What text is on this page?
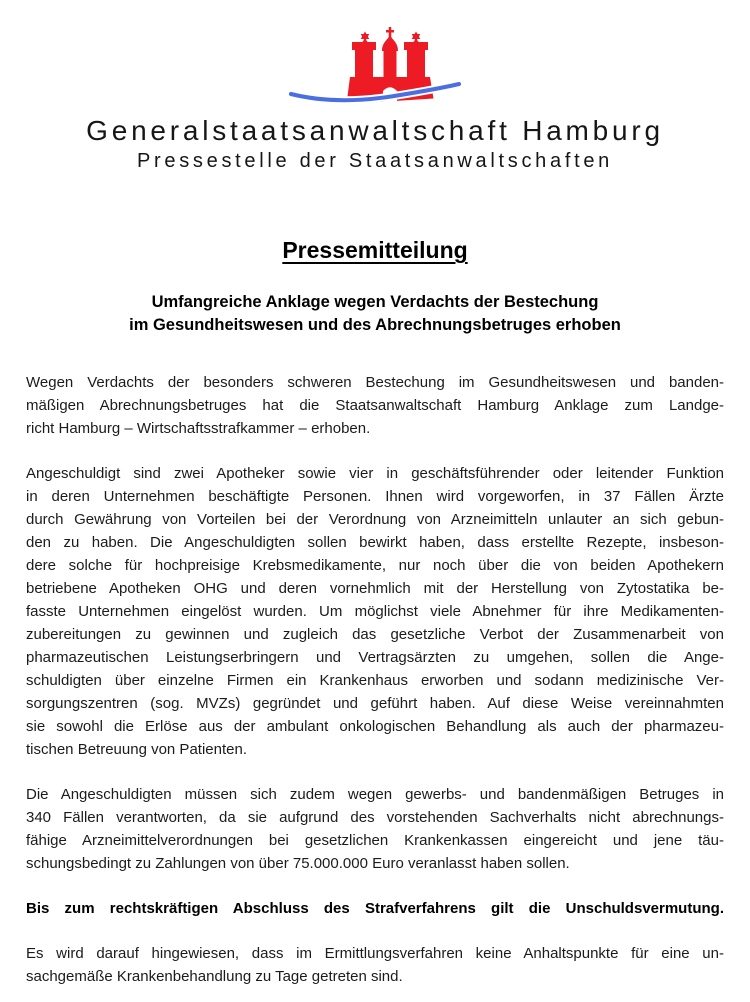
Generalstaatsanwaltschaft Hamburg
Pressestelle der Staatsanwaltschaften
Pressemitteilung
Umfangreiche Anklage wegen Verdachts der Bestechung
im Gesundheitswesen und des Abrechnungsbetruges erhoben
Wegen Verdachts der besonders schweren Bestechung im Gesundheitswesen und banden-
mäßigen Abrechnungsbetruges hat die Staatsanwaltschaft Hamburg Anklage zum Landge-
richt Hamburg – Wirtschaftsstrafkammer – erhoben.
Angeschuldigt sind zwei Apotheker sowie vier in geschäftsführender oder leitender Funktion
in deren Unternehmen beschäftigte Personen. Ihnen wird vorgeworfen, in 37 Fällen Ärzte
durch Gewährung von Vorteilen bei der Verordnung von Arzneimitteln unlauter an sich gebun-
den zu haben. Die Angeschuldigten sollen bewirkt haben, dass erstellte Rezepte, insbeson-
dere solche für hochpreisige Krebsmedikamente, nur noch über die von beiden Apothekern
betriebene Apotheken OHG und deren vornehmlich mit der Herstellung von Zytostatika be-
fasste Unternehmen eingelöst wurden. Um möglichst viele Abnehmer für ihre Medikamenten-
zubereitungen zu gewinnen und zugleich das gesetzliche Verbot der Zusammenarbeit von
pharmazeutischen Leistungserbringern und Vertragsärzten zu umgehen, sollen die Ange-
schuldigten über einzelne Firmen ein Krankenhaus erworben und sodann medizinische Ver-
sorgungszentren (sog. MVZs) gegründet und geführt haben. Auf diese Weise vereinnahmten
sie sowohl die Erlöse aus der ambulant onkologischen Behandlung als auch der pharmazeu-
tischen Betreuung von Patienten.
Die Angeschuldigten müssen sich zudem wegen gewerbs- und bandenmäßigen Betruges in
340 Fällen verantworten, da sie aufgrund des vorstehenden Sachverhalts nicht abrechnungs-
fähige Arzneimittelverordnungen bei gesetzlichen Krankenkassen eingereicht und jene täu-
schungsbedingt zu Zahlungen von über 75.000.000 Euro veranlasst haben sollen.
Bis zum rechtskräftigen Abschluss des Strafverfahrens gilt die Unschuldsvermutung.
Es wird darauf hingewiesen, dass im Ermittlungsverfahren keine Anhaltspunkte für eine un-
sachgemäße Krankenbehandlung zu Tage getreten sind.
